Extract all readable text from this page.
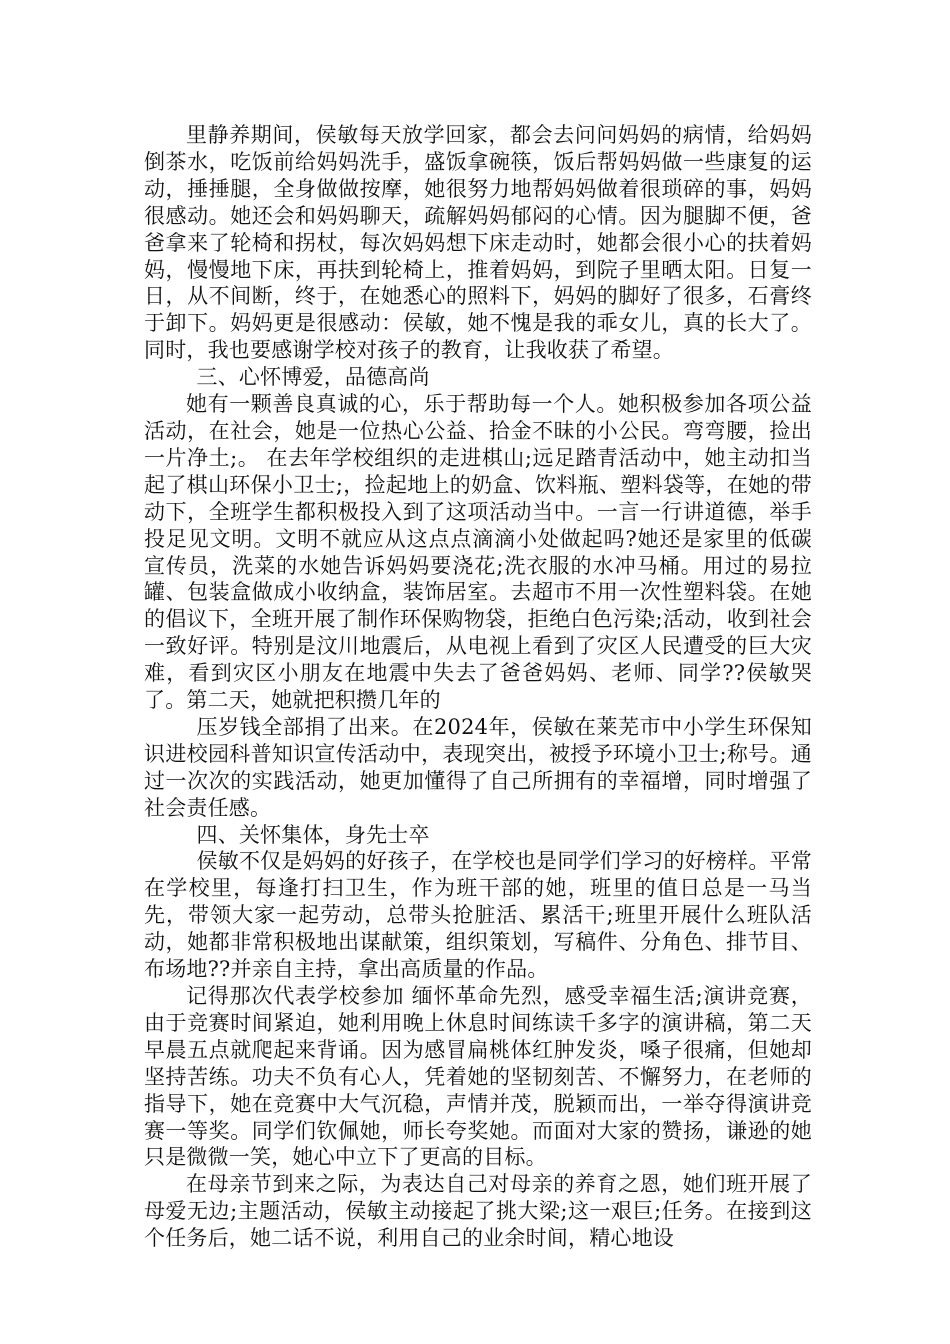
里静养期间，侯敏每天放学回家，都会去问问妈妈的病情，给妈妈倒茶水，吃饭前给妈妈洗手，盛饭拿碗筷，饭后帮妈妈做一些康复的运动，捶捶腿，全身做做按摩，她很努力地帮妈妈做着很琐碎的事，妈妈很感动。她还会和妈妈聊天，疏解妈妈郁闷的心情。因为腿脚不便，爸爸拿来了轮椅和拐杖，每次妈妈想下床走动时，她都会很小心的扶着妈妈，慢慢地下床，再扶到轮椅上，推着妈妈，到院子里晒太阳。日复一日，从不间断，终于，在她悉心的照料下，妈妈的脚好了很多，石膏终于卸下。妈妈更是很感动：侯敏，她不愧是我的乖女儿，真的长大了。同时，我也要感谢学校对孩子的教育，让我收获了希望。

三、心怀博爱，品德高尚

她有一颗善良真诚的心，乐于帮助每一个人。她积极参加各项公益活动，在社会，她是一位热心公益、拾金不昧的小公民。弯弯腰，捡出一片净土;。 在去年学校组织的走进棋山;远足踏青活动中，她主动扣当起了棋山环保小卫士;，捡起地上的奶盒、饮料瓶、塑料袋等，在她的带动下，全班学生都积极投入到了这项活动当中。一言一行讲道德，举手投足见文明。文明不就应从这点点滴滴小处做起吗?她还是家里的低碳宣传员，洗菜的水她告诉妈妈要浇花;洗衣服的水冲马桶。用过的易拉罐、包装盒做成小收纳盒，装饰居室。去超市不用一次性塑料袋。在她的倡议下，全班开展了制作环保购物袋，拒绝白色污染;活动，收到社会一致好评。特别是汶川地震后，从电视上看到了灾区人民遭受的巨大灾难，看到灾区小朋友在地震中失去了爸爸妈妈、老师、同学??侯敏哭了。第二天，她就把积攒几年的

压岁钱全部捐了出来。在2024年，侯敏在莱芜市中小学生环保知识进校园科普知识宣传活动中，表现突出，被授予环境小卫士;称号。通过一次次的实践活动，她更加懂得了自己所拥有的幸福增，同时增强了社会责任感。

四、关怀集体，身先士卒

侯敏不仅是妈妈的好孩子，在学校也是同学们学习的好榜样。平常在学校里，每逢打扫卫生，作为班干部的她，班里的值日总是一马当先，带领大家一起劳动，总带头抢脏活、累活干;班里开展什么班队活动，她都非常积极地出谋献策，组织策划，写稿件、分角色、排节目、布场地??并亲自主持，拿出高质量的作品。

记得那次代表学校参加 缅怀革命先烈，感受幸福生活;演讲竞赛，由于竞赛时间紧迫，她利用晚上休息时间练读千多字的演讲稿，第二天早晨五点就爬起来背诵。因为感冒扁桃体红肿发炎，嗓子很痛，但她却坚持苦练。功夫不负有心人，凭着她的坚韧刻苦、不懈努力，在老师的指导下，她在竞赛中大气沉稳，声情并茂，脱颖而出，一举夺得演讲竞赛一等奖。同学们钦佩她，师长夸奖她。而面对大家的赞扬，谦逊的她只是微微一笑，她心中立下了更高的目标。

在母亲节到来之际，为表达自己对母亲的养育之恩，她们班开展了母爱无边;主题活动，侯敏主动接起了挑大梁;这一艰巨;任务。在接到这个任务后，她二话不说，利用自己的业余时间，精心地设
